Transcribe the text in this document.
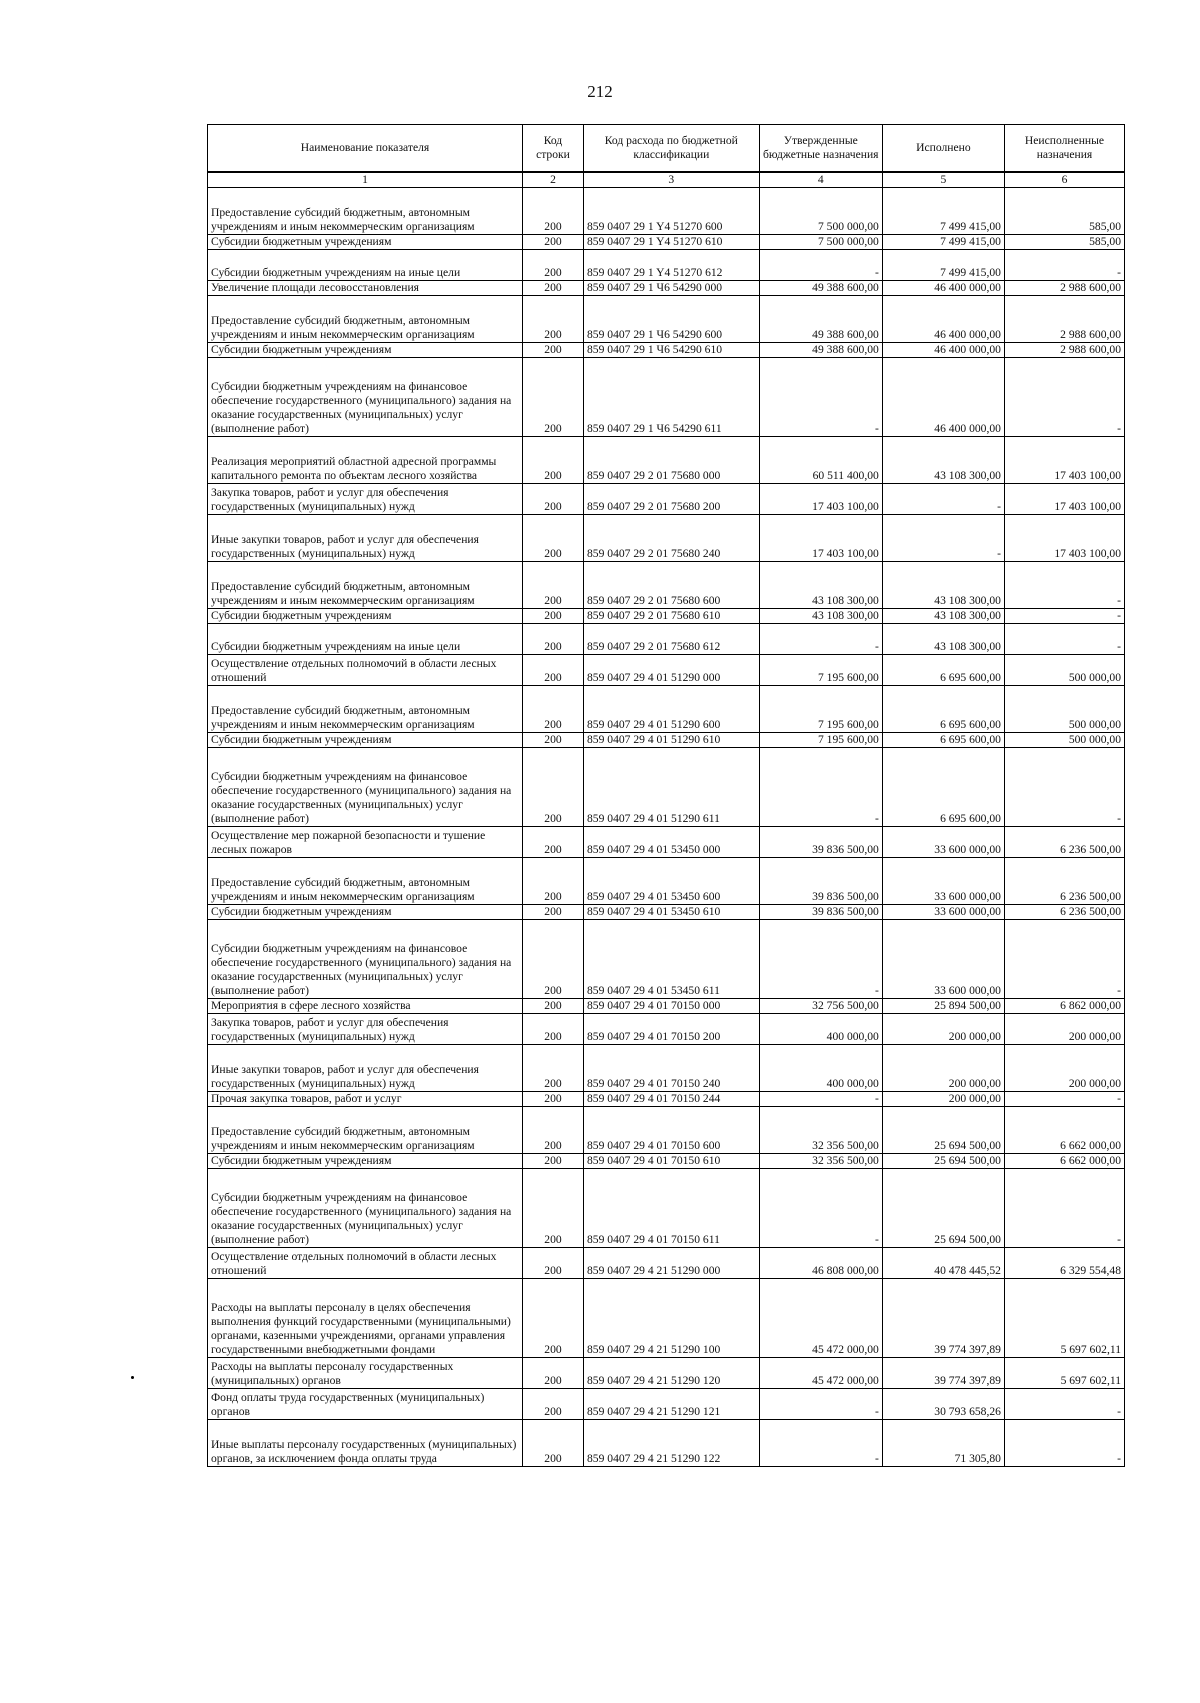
212
Наименование показателя	Код строки	Код расхода по бюджетной классификации	Утвержденные бюджетные назначения	Исполнено	Неисполненные назначения
1	2	3	4	5	6
Предоставление субсидий бюджетным, автономным учреждениям и иным некоммерческим организациям	200	859 0407 29 1 Y4 51270 600	7 500 000,00	7 499 415,00	585,00
Субсидии бюджетным учреждениям	200	859 0407 29 1 Y4 51270 610	7 500 000,00	7 499 415,00	585,00
Субсидии бюджетным учреждениям на иные цели	200	859 0407 29 1 Y4 51270 612	-	7 499 415,00	-
Увеличение площади лесовосстановления	200	859 0407 29 1 Ч6 54290 000	49 388 600,00	46 400 000,00	2 988 600,00
Предоставление субсидий бюджетным, автономным учреждениям и иным некоммерческим организациям	200	859 0407 29 1 Ч6 54290 600	49 388 600,00	46 400 000,00	2 988 600,00
Субсидии бюджетным учреждениям	200	859 0407 29 1 Ч6 54290 610	49 388 600,00	46 400 000,00	2 988 600,00
Субсидии бюджетным учреждениям на финансовое обеспечение государственного (муниципального) задания на оказание государственных (муниципальных) услуг (выполнение работ)	200	859 0407 29 1 Ч6 54290 611	-	46 400 000,00	-
Реализация мероприятий областной адресной программы капитального ремонта по объектам лесного хозяйства	200	859 0407 29 2 01 75680 000	60 511 400,00	43 108 300,00	17 403 100,00
Закупка товаров, работ и услуг для обеспечения государственных (муниципальных) нужд	200	859 0407 29 2 01 75680 200	17 403 100,00	-	17 403 100,00
Иные закупки товаров, работ и услуг для обеспечения государственных (муниципальных) нужд	200	859 0407 29 2 01 75680 240	17 403 100,00	-	17 403 100,00
Предоставление субсидий бюджетным, автономным учреждениям и иным некоммерческим организациям	200	859 0407 29 2 01 75680 600	43 108 300,00	43 108 300,00	-
Субсидии бюджетным учреждениям	200	859 0407 29 2 01 75680 610	43 108 300,00	43 108 300,00	-
Субсидии бюджетным учреждениям на иные цели	200	859 0407 29 2 01 75680 612	-	43 108 300,00	-
Осуществление отдельных полномочий в области лесных отношений	200	859 0407 29 4 01 51290 000	7 195 600,00	6 695 600,00	500 000,00
Предоставление субсидий бюджетным, автономным учреждениям и иным некоммерческим организациям	200	859 0407 29 4 01 51290 600	7 195 600,00	6 695 600,00	500 000,00
Субсидии бюджетным учреждениям	200	859 0407 29 4 01 51290 610	7 195 600,00	6 695 600,00	500 000,00
Субсидии бюджетным учреждениям на финансовое обеспечение государственного (муниципального) задания на оказание государственных (муниципальных) услуг (выполнение работ)	200	859 0407 29 4 01 51290 611	-	6 695 600,00	-
Осуществление мер пожарной безопасности и тушение лесных пожаров	200	859 0407 29 4 01 53450 000	39 836 500,00	33 600 000,00	6 236 500,00
Предоставление субсидий бюджетным, автономным учреждениям и иным некоммерческим организациям	200	859 0407 29 4 01 53450 600	39 836 500,00	33 600 000,00	6 236 500,00
Субсидии бюджетным учреждениям	200	859 0407 29 4 01 53450 610	39 836 500,00	33 600 000,00	6 236 500,00
Субсидии бюджетным учреждениям на финансовое обеспечение государственного (муниципального) задания на оказание государственных (муниципальных) услуг (выполнение работ)	200	859 0407 29 4 01 53450 611	-	33 600 000,00	-
Мероприятия в сфере лесного хозяйства	200	859 0407 29 4 01 70150 000	32 756 500,00	25 894 500,00	6 862 000,00
Закупка товаров, работ и услуг для обеспечения государственных (муниципальных) нужд	200	859 0407 29 4 01 70150 200	400 000,00	200 000,00	200 000,00
Иные закупки товаров, работ и услуг для обеспечения государственных (муниципальных) нужд	200	859 0407 29 4 01 70150 240	400 000,00	200 000,00	200 000,00
Прочая закупка товаров, работ и услуг	200	859 0407 29 4 01 70150 244	-	200 000,00	-
Предоставление субсидий бюджетным, автономным учреждениям и иным некоммерческим организациям	200	859 0407 29 4 01 70150 600	32 356 500,00	25 694 500,00	6 662 000,00
Субсидии бюджетным учреждениям	200	859 0407 29 4 01 70150 610	32 356 500,00	25 694 500,00	6 662 000,00
Субсидии бюджетным учреждениям на финансовое обеспечение государственного (муниципального) задания на оказание государственных (муниципальных) услуг (выполнение работ)	200	859 0407 29 4 01 70150 611	-	25 694 500,00	-
Осуществление отдельных полномочий в области лесных отношений	200	859 0407 29 4 21 51290 000	46 808 000,00	40 478 445,52	6 329 554,48
Расходы на выплаты персоналу в целях обеспечения выполнения функций государственными (муниципальными) органами, казенными учреждениями, органами управления государственными внебюджетными фондами	200	859 0407 29 4 21 51290 100	45 472 000,00	39 774 397,89	5 697 602,11
Расходы на выплаты персоналу государственных (муниципальных) органов	200	859 0407 29 4 21 51290 120	45 472 000,00	39 774 397,89	5 697 602,11
Фонд оплаты труда государственных (муниципальных) органов	200	859 0407 29 4 21 51290 121	-	30 793 658,26	-
Иные выплаты персоналу государственных (муниципальных) органов, за исключением фонда оплаты труда	200	859 0407 29 4 21 51290 122	-	71 305,80	-
